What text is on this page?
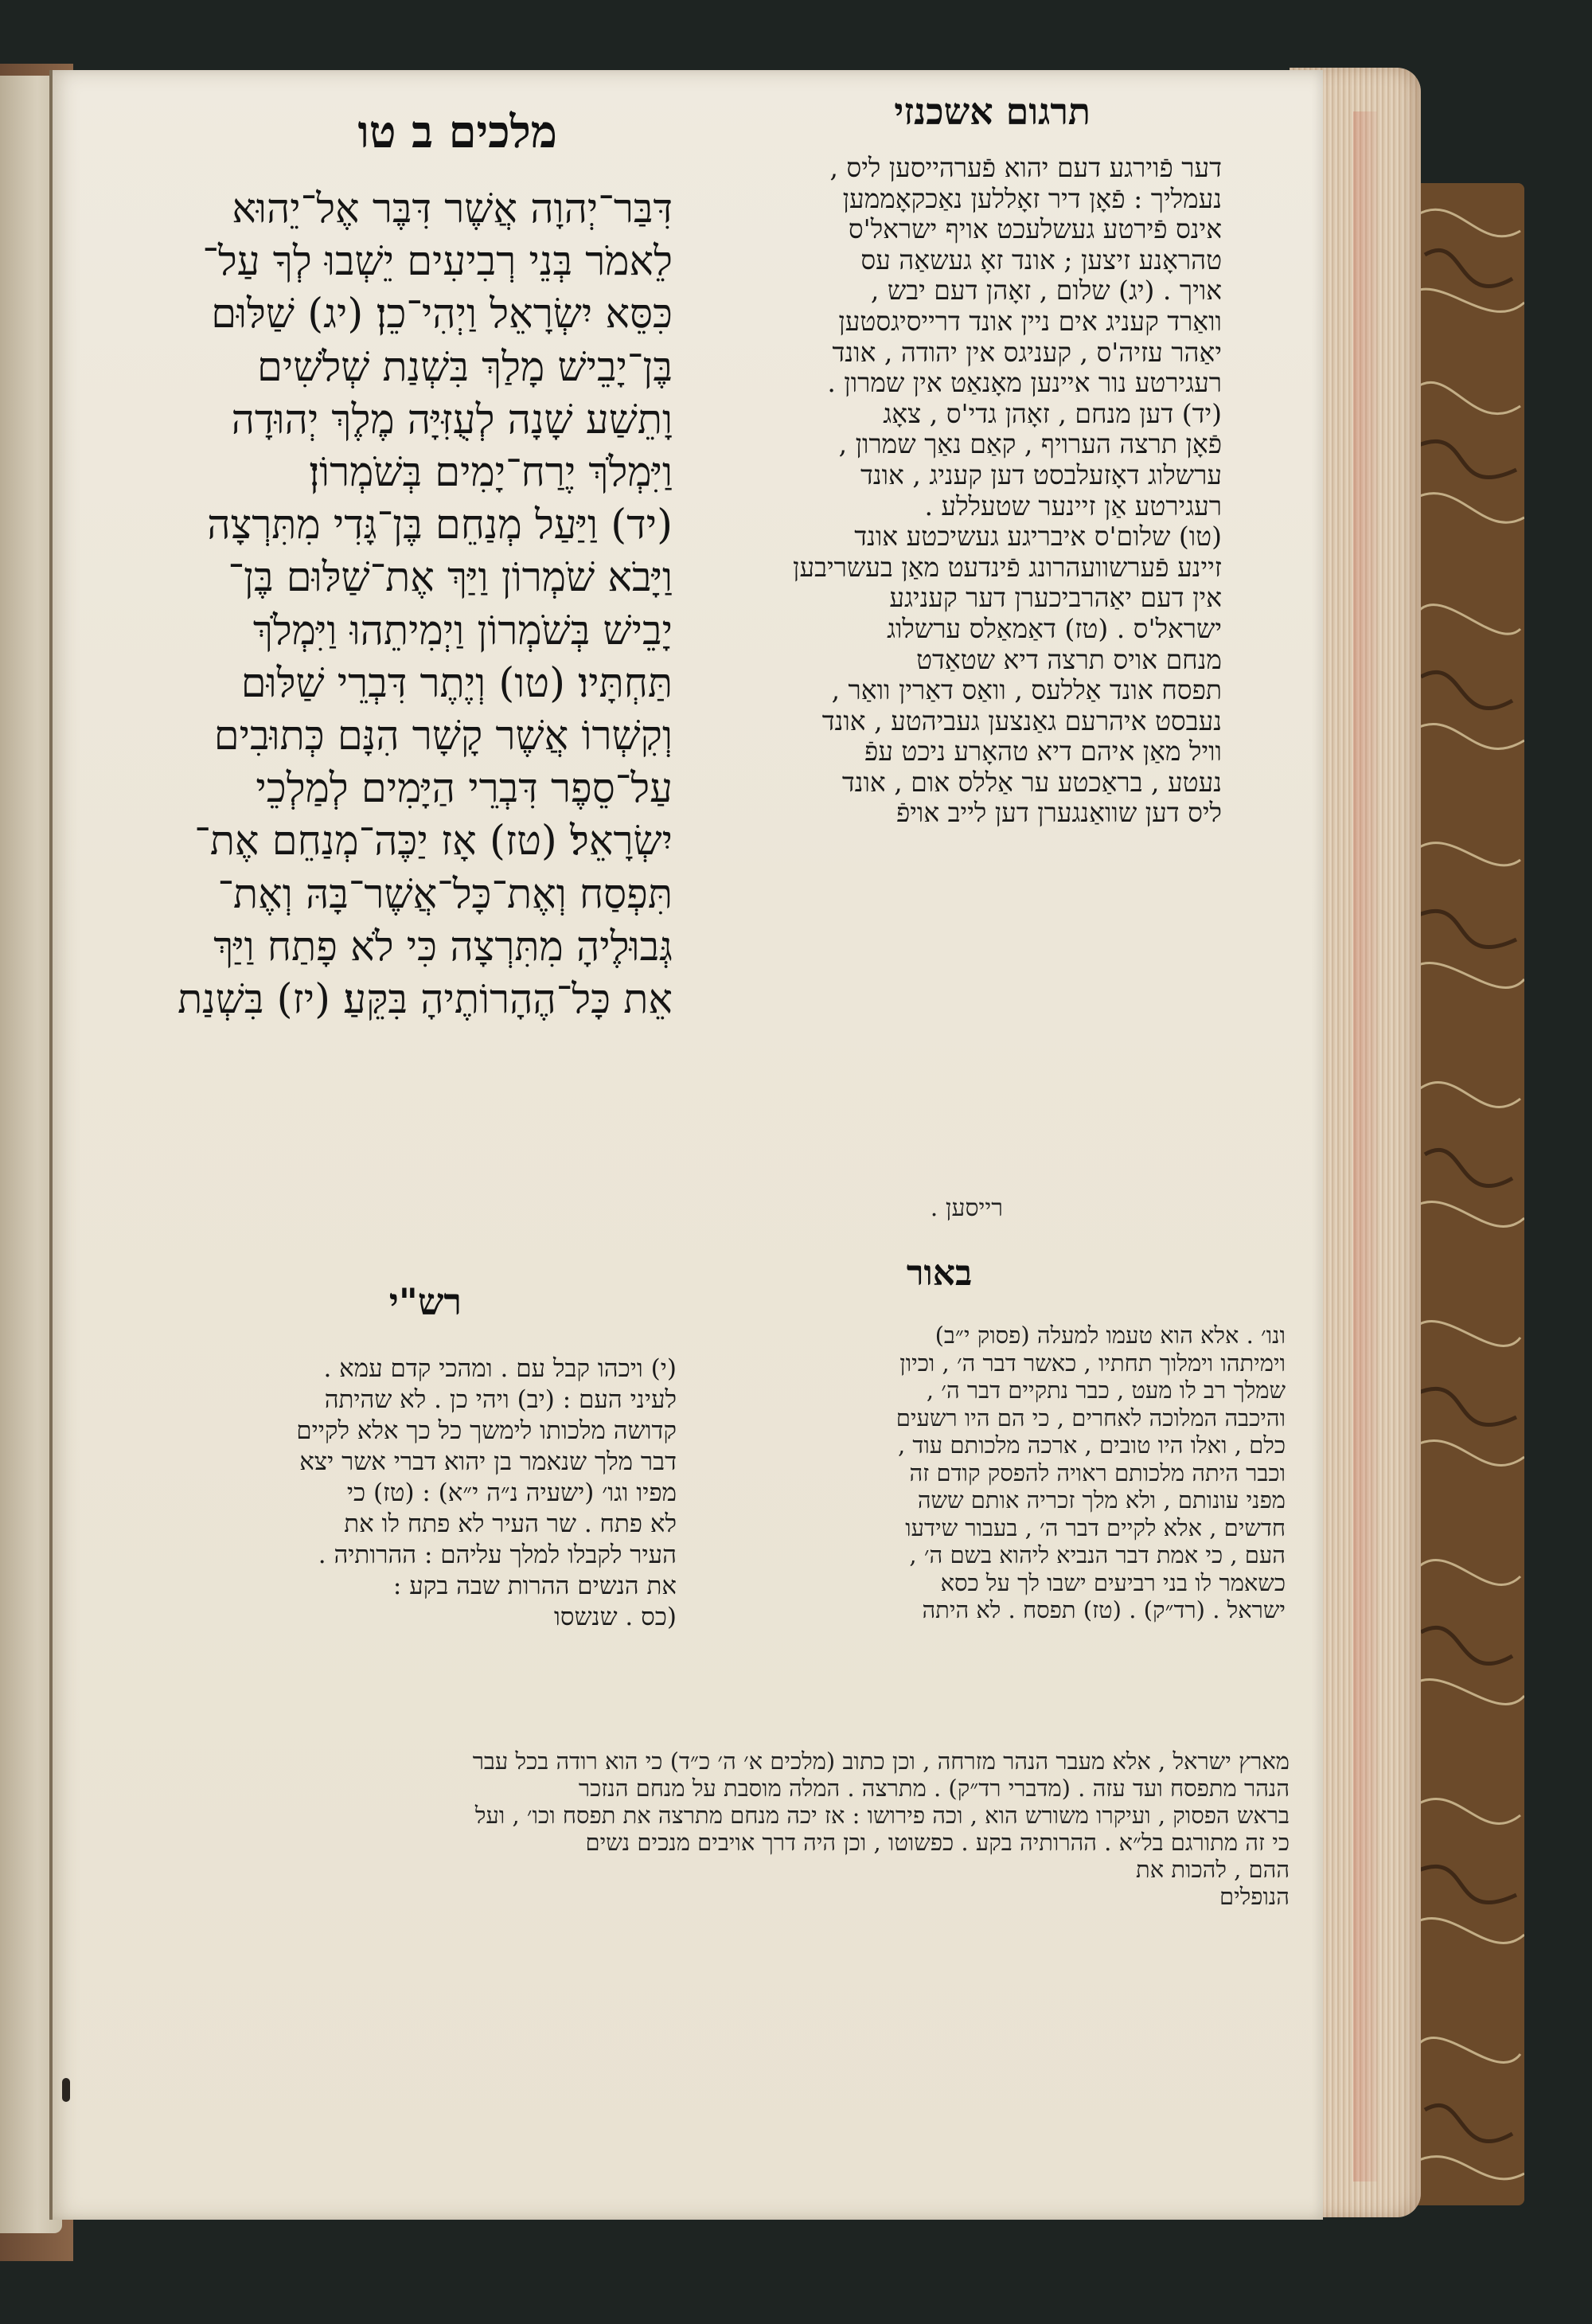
תרגום אשכנזי
מלכים ב טו
דִּבַּר־יְהוָה אֲשֶׁר דִּבֶּר אֶל־יֵהוּא
לֵאמֹר בְּנֵי רְבִיעִים יֵשְׁבוּ לְךָ עַל־
כִּסֵּא יִשְׂרָאֵל וַיְהִי־כֵן׃ (יג) שַׁלּוּם
בֶּן־יָבֵישׁ מָלַךְ בִּשְׁנַת שְׁלֹשִׁים
וָתֵשַׁע שָׁנָה לְעֻזִּיָּה מֶלֶךְ יְהוּדָה
וַיִּמְלֹךְ יֶרַח־יָמִים בְּשֹׁמְרוֹן׃
(יד) וַיַּעַל מְנַחֵם בֶּן־גָּדִי מִתִּרְצָה
וַיָּבֹא שֹׁמְרוֹן וַיַּךְ אֶת־שַׁלּוּם בֶּן־
יָבֵישׁ בְּשֹׁמְרוֹן וַיְמִיתֵהוּ וַיִּמְלֹךְ
תַּחְתָּיו׃ (טו) וְיֶתֶר דִּבְרֵי שַׁלּוּם
וְקִשְׁרוֹ אֲשֶׁר קָשָׁר הִנָּם כְּתוּבִים
עַל־סֵפֶר דִּבְרֵי הַיָּמִים לְמַלְכֵי
יִשְׂרָאֵל׃ (טז) אָז יַכֶּה־מְנַחֵם אֶת־
תִּפְסַח וְאֶת־כָּל־אֲשֶׁר־בָּהּ וְאֶת־
גְּבוּלֶיהָ מִתִּרְצָה כִּי לֹא פָתַח וַיַּךְ
אֵת כָּל־הֶהָרוֹתֶיהָ בִּקֵּעַ׃ (יז) בִּשְׁנַת
דער פֿוירגע דעם יהוא פֿערהייסען ליס ,
נעמליך : פֿאָן דיר זאָללען נאַכקאָממען
אינס פֿירטע געשלעכט אויף ישראל'ס
טהראָנע זיצען ; אונד זאָ געשאַה עס
אויך . (יג) שלום , זאָהן דעם יבש ,
וואַרד קעניג אים ניין אונד דרייסיגסטען
יאַהר עזיה'ס , קעניגס אין יהודה , אונד
רעגירטע נור איינען מאָנאַט אין שמרון .
(יד) דען מנחם , זאָהן גדי'ס , צאָג
פֿאָן תרצה הערויף , קאַם נאַך שמרון ,
ערשלוג דאָזעלבסט דען קעניג , אונד
רעגירטע אַן זיינער שטעללע .
(טו) שלום'ס איבריגע געשיכטע אונד
זיינע פֿערשוועהרונג פֿינדעט מאַן בעשריבען
אין דעם יאַהרביכערן דער קעניגע
ישראל'ס . (טז) דאַמאַלס ערשלוג
מנחם אויס תרצה דיא שטאַדט
תפסח אונד אַללעס , וואַס דאַרין וואַר ,
נעבסט איהרעם גאַנצען געביהטע , אונד
וויל מאַן איהם דיא טהאָרע ניכט עפֿ
נעטע , בראַכטע ער אַללס אום , אונד
ליס דען שוואַנגערן דען לייב אויפֿ
רייסען .
רש"י
(י) ויכהו קבל עם . ומהכי קדם עמא .
לעיני העם : (יב) ויהי כן . לא שהיתה
קדושה מלכותו לימשך כל כך אלא לקיים
דבר מלך שנאמר בן יהוא דברי אשר יצא
מפיו וגו׳ (ישעיה נ״ה י״א) : (טז) כי
לא פתח . שר העיר לא פתח לו את
העיר לקבלו למלך עליהם : ההרותיה .
את הנשים ההרות שבה בקע :
(כס . שנשסו
באור
ונו׳ . אלא הוא טעמו למעלה (פסוק י״ב)
וימיתהו וימלוך תחתיו , כאשר דבר ה׳ , וכיון
שמלך רב לו מעט , כבר נתקיים דבר ה׳ ,
והיכבה המלוכה לאחרים , כי הם היו רשעים
כלם , ואלו היו טובים , ארכה מלכותם עוד ,
וכבר היתה מלכותם ראויה להפסק קודם זה
מפני עונותם , ולא מלך זכריה אותם ששה
חדשים , אלא לקיים דבר ה׳ , בעבור שידעו
העם , כי אמת דבר הנביא ליהוא בשם ה׳ ,
כשאמר לו בני רביעים ישבו לך על כסא
ישראל . (רד״ק) . (טז) תפסח . לא היתה
מארץ ישראל , אלא מעבר הנהר מזרחה , וכן כתוב (מלכים א׳ ה׳ כ״ד) כי הוא רודה בכל עבר
הנהר מתפסח ועד עזה . (מדברי רד״ק) . מתרצה . המלה מוסבת על מנחם הנזכר
בראש הפסוק , ועיקרו משורש הוא , וכה פירושו : אז יכה מנחם מתרצה את תפסח וכו׳ , ועל
כי זה מתורגם בל״א . ההרותיה בקע . כפשוטו , וכן היה דרך אויבים מנכים נשים
ההם , להכות את
הנופלים
